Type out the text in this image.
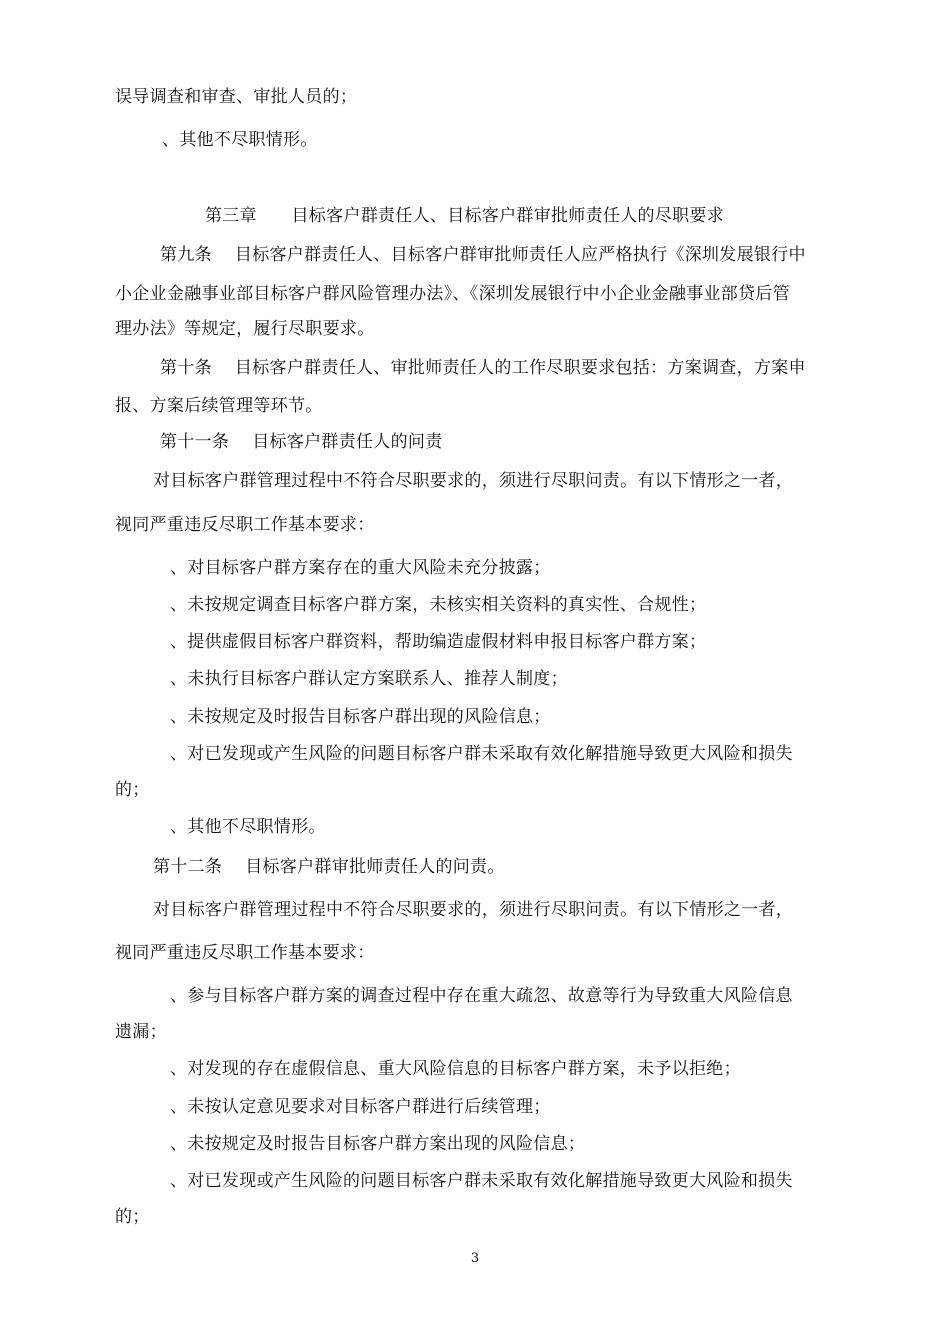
误导调查和审查、审批人员的；
、其他不尽职情形。
第三章　　目标客户群责任人、目标客户群审批师责任人的尽职要求
第九条　 目标客户群责任人、目标客户群审批师责任人应严格执行《深圳发展银行中
小企业金融事业部目标客户群风险管理办法》、《深圳发展银行中小企业金融事业部贷后管
理办法》等规定，履行尽职要求。
第十条　 目标客户群责任人、审批师责任人的工作尽职要求包括：方案调查，方案申
报、方案后续管理等环节。
第十一条　 目标客户群责任人的问责
对目标客户群管理过程中不符合尽职要求的，须进行尽职问责。有以下情形之一者，
视同严重违反尽职工作基本要求：
、对目标客户群方案存在的重大风险未充分披露；
、未按规定调查目标客户群方案，未核实相关资料的真实性、合规性；
、提供虚假目标客户群资料，帮助编造虚假材料申报目标客户群方案；
、未执行目标客户群认定方案联系人、推荐人制度；
、未按规定及时报告目标客户群出现的风险信息；
、对已发现或产生风险的问题目标客户群未采取有效化解措施导致更大风险和损失
的；
、其他不尽职情形。
第十二条　 目标客户群审批师责任人的问责。
对目标客户群管理过程中不符合尽职要求的，须进行尽职问责。有以下情形之一者，
视同严重违反尽职工作基本要求：
、参与目标客户群方案的调查过程中存在重大疏忽、故意等行为导致重大风险信息
遗漏；
、对发现的存在虚假信息、重大风险信息的目标客户群方案，未予以拒绝；
、未按认定意见要求对目标客户群进行后续管理；
、未按规定及时报告目标客户群方案出现的风险信息；
、对已发现或产生风险的问题目标客户群未采取有效化解措施导致更大风险和损失
的；
3
